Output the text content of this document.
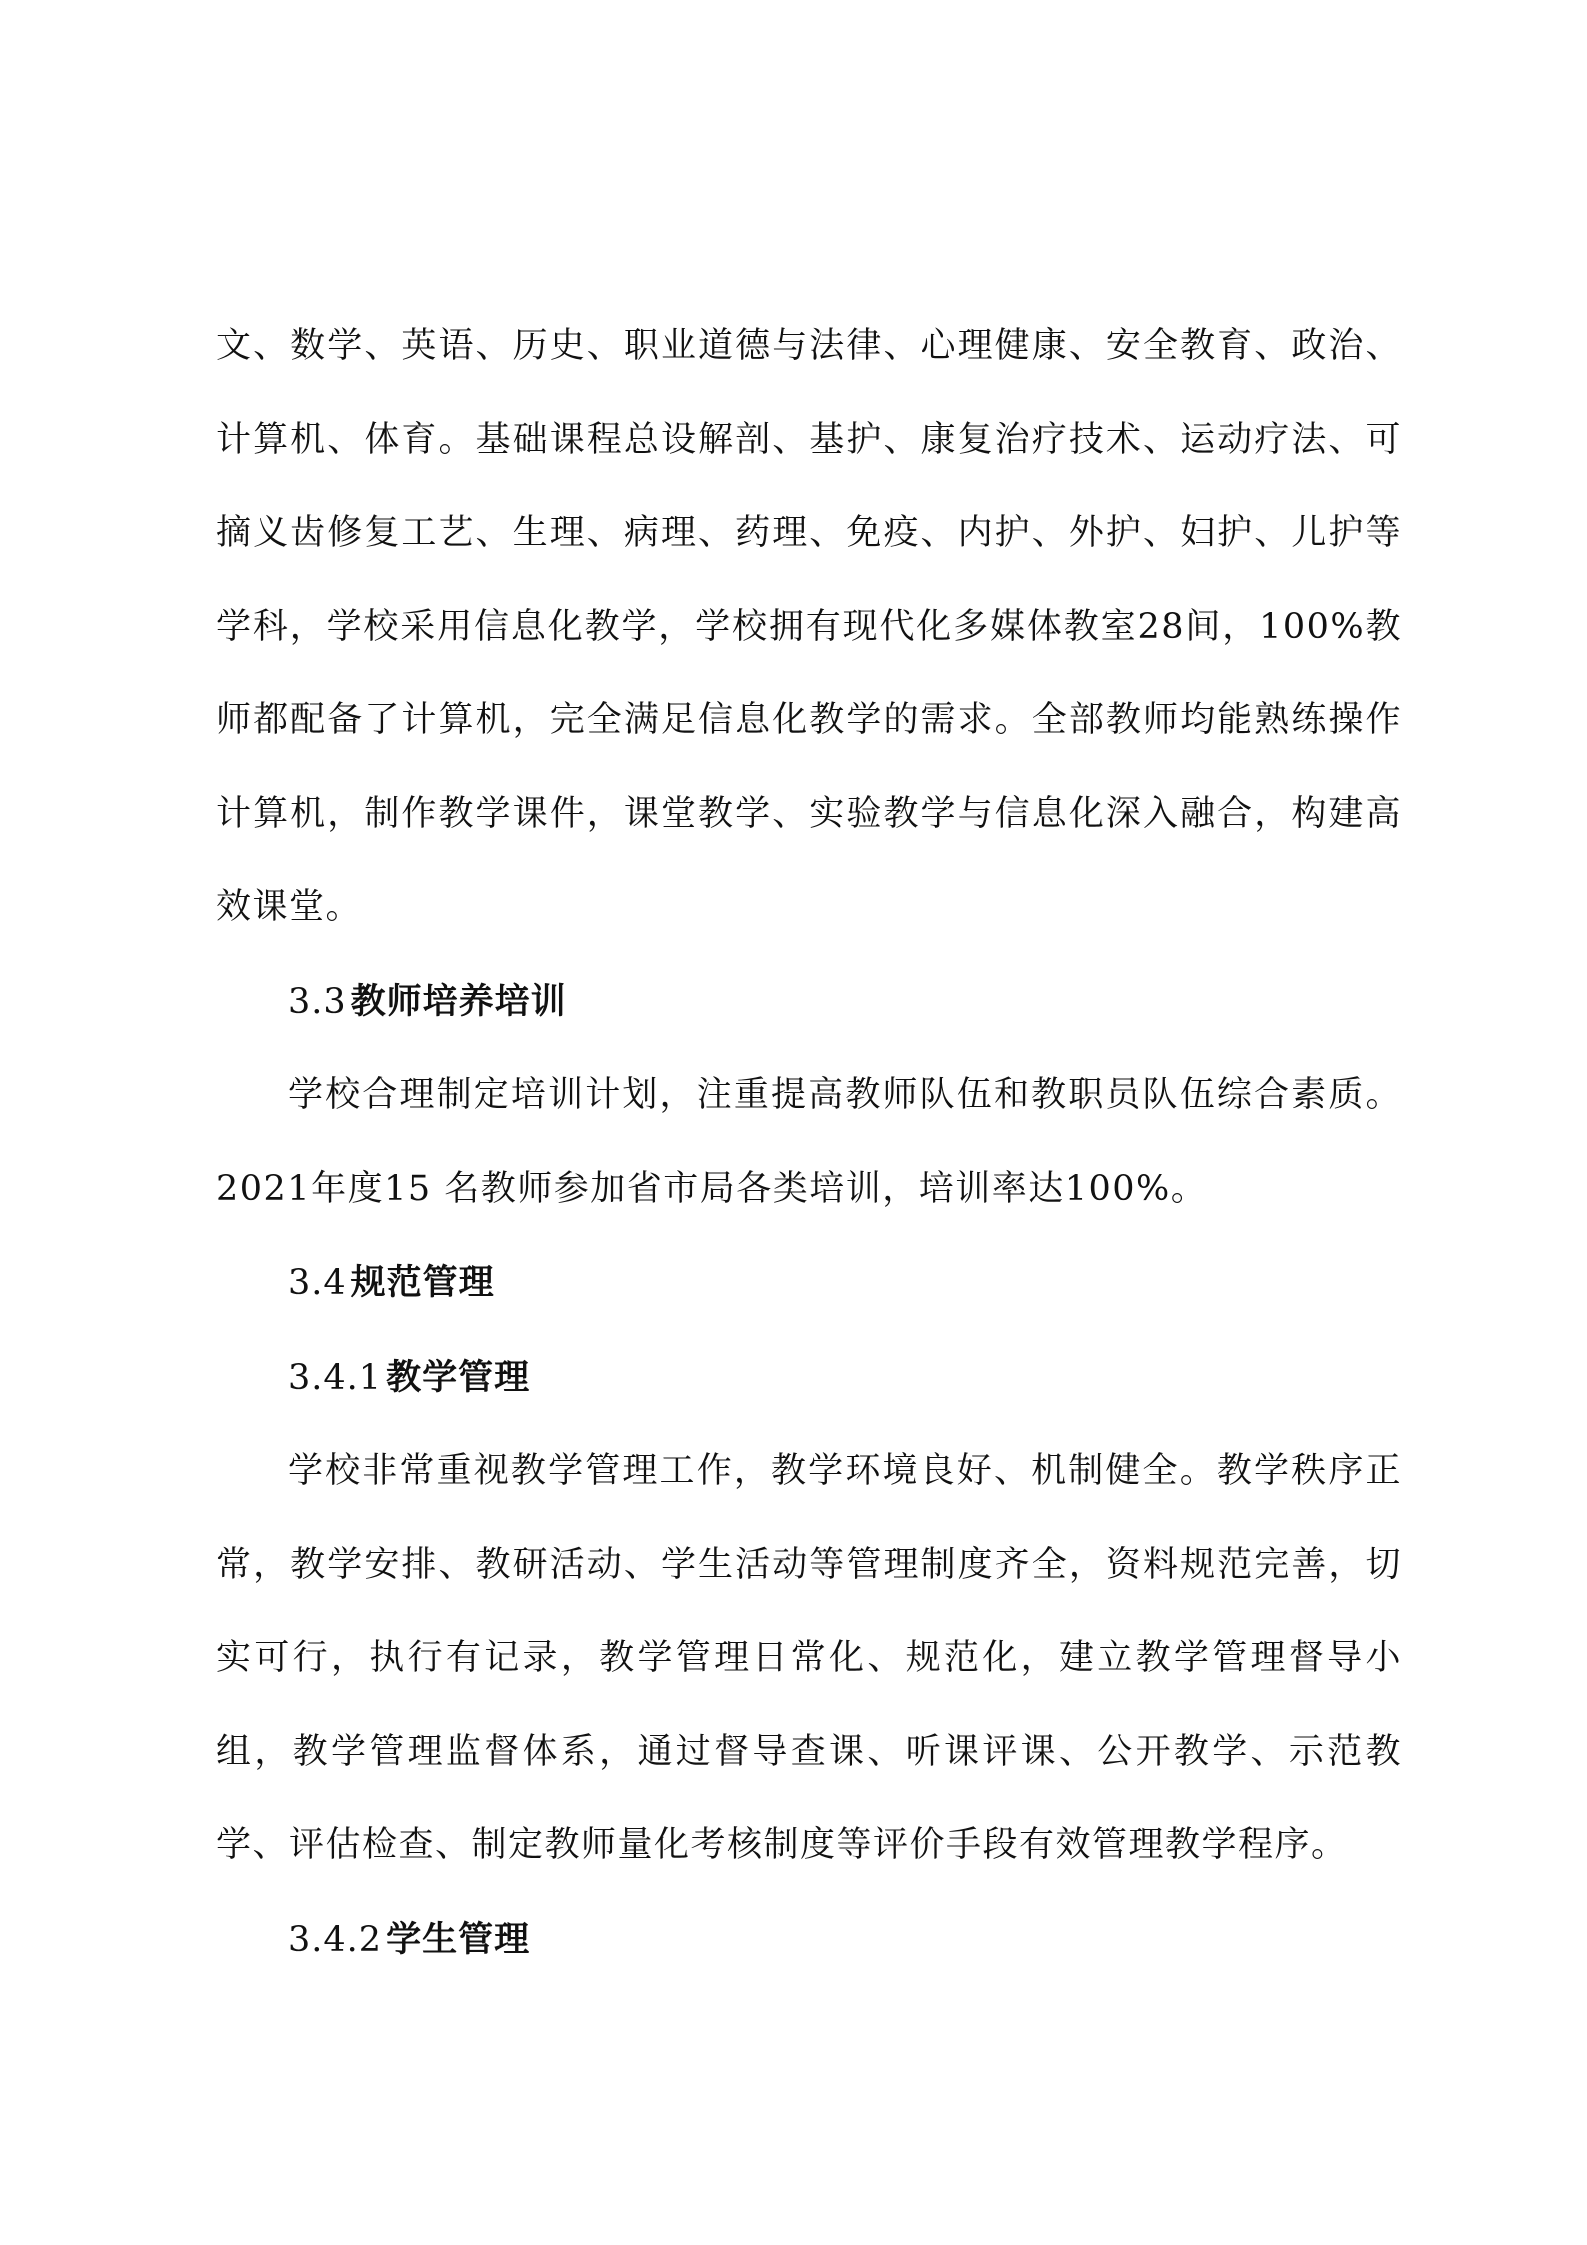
文、数学、英语、历史、职业道德与法律、心理健康、安全教育、政治、计算机、体育。基础课程总设解剖、基护、康复治疗技术、运动疗法、可摘义齿修复工艺、生理、病理、药理、免疫、内护、外护、妇护、儿护等学科，学校采用信息化教学，学校拥有现代化多媒体教室28间，100%教师都配备了计算机，完全满足信息化教学的需求。全部教师均能熟练操作计算机，制作教学课件，课堂教学、实验教学与信息化深入融合，构建高效课堂。

3.3 教师培养培训

学校合理制定培训计划，注重提高教师队伍和教职员队伍综合素质。2021年度15 名教师参加省市局各类培训，培训率达100%。

3.4 规范管理

3.4.1 教学管理

学校非常重视教学管理工作，教学环境良好、机制健全。教学秩序正常，教学安排、教研活动、学生活动等管理制度齐全，资料规范完善，切实可行，执行有记录，教学管理日常化、规范化，建立教学管理督导小组，教学管理监督体系，通过督导查课、听课评课、公开教学、示范教学、评估检查、制定教师量化考核制度等评价手段有效管理教学程序。

3.4.2 学生管理
